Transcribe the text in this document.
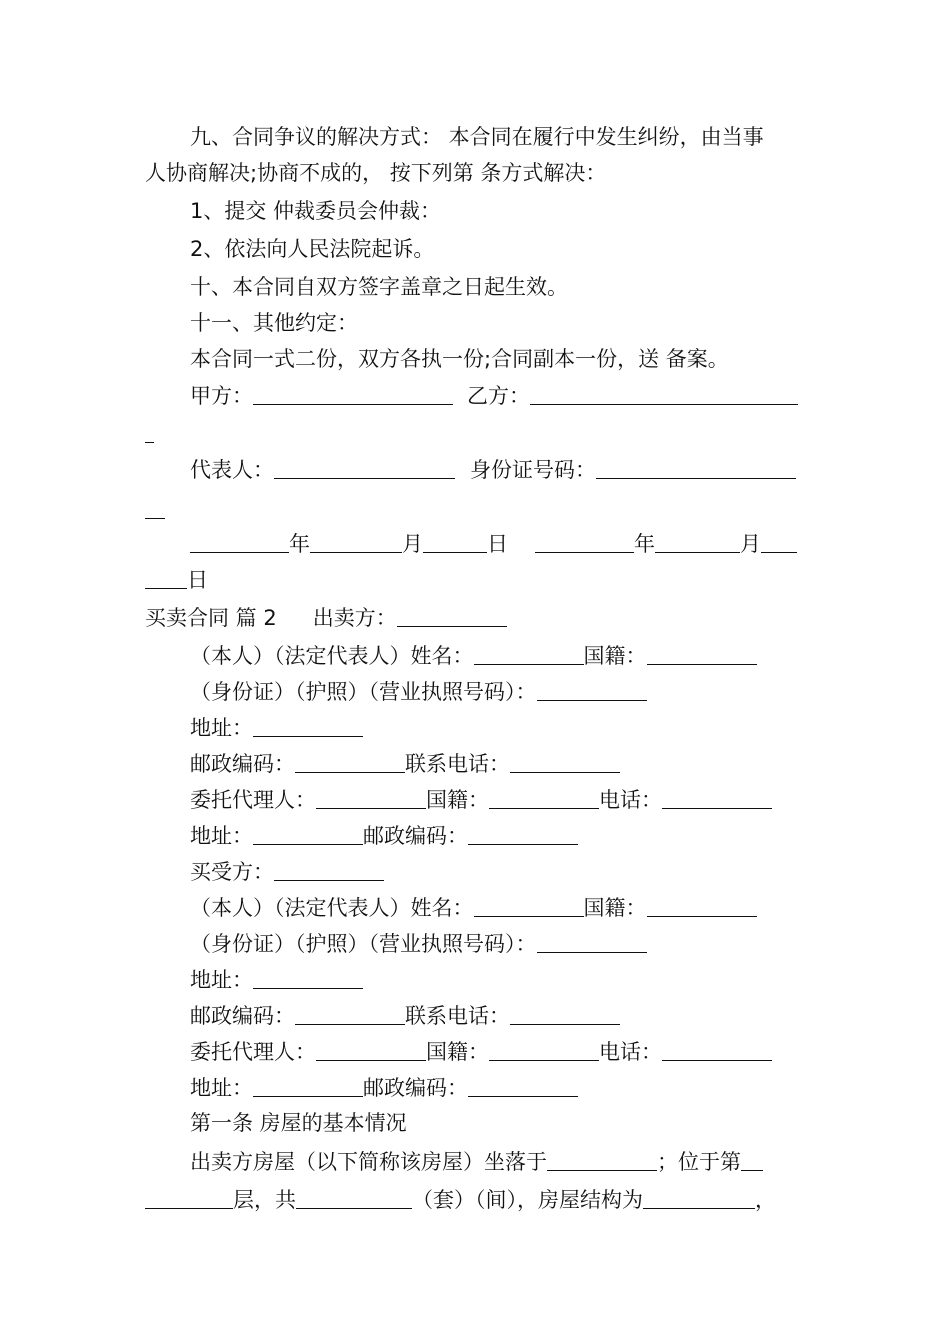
九、合同争议的解决方式： 本合同在履行中发生纠纷，由当事
人协商解决;协商不成的， 按下列第 条方式解决：
1、提交 仲裁委员会仲裁：
2、依法向人民法院起诉。
十、本合同自双方签字盖章之日起生效。
十一、其他约定：
本合同一式二份，双方各执一份;合同副本一份，送 备案。
甲方：	乙方：
代表人：	身份证号码：
年	月	日	年	月
日
买卖合同 篇 2 出卖方：
（本人）（法定代表人）姓名：	国籍：
（身份证）（护照）（营业执照号码）：
地址：
邮政编码：	联系电话：
委托代理人：	国籍：	电话：
地址：	邮政编码：
买受方：
（本人）（法定代表人）姓名：	国籍：
（身份证）（护照）（营业执照号码）：
地址：
邮政编码：	联系电话：
委托代理人：	国籍：	电话：
地址：	邮政编码：
第一条 房屋的基本情况
出卖方房屋（以下简称该房屋）坐落于	；位于第
层，共	（套）（间），房屋结构为	，
